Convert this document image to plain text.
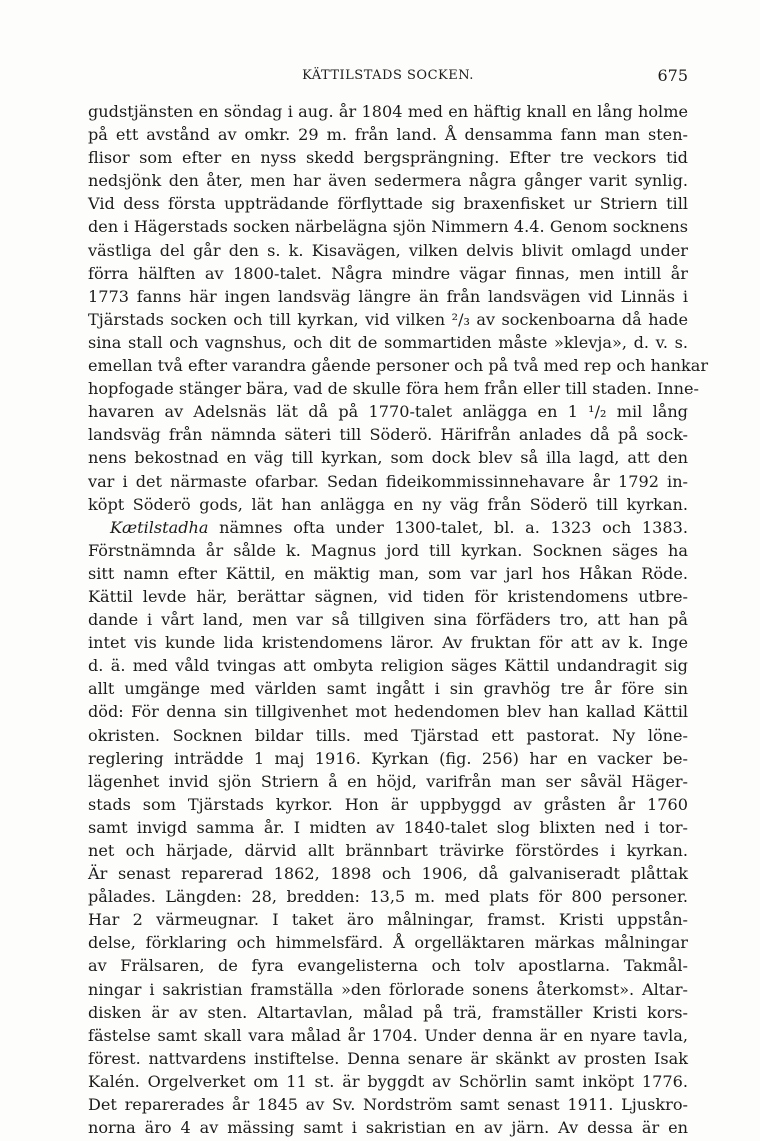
KÄTTILSTADS SOCKEN.	675
gudstjänsten en söndag i aug. år 1804 med en häftig knall en lång holme
på ett avstånd av omkr. 29 m. från land. Å densamma fann man sten-
flisor som efter en nyss skedd bergsprängning. Efter tre veckors tid
nedsjönk den åter, men har även sedermera några gånger varit synlig.
Vid dess första uppträdande förflyttade sig braxenfisket ur Striern till
den i Hägerstads socken närbelägna sjön Nimmern 4.4. Genom socknens
västliga del går den s. k. Kisavägen, vilken delvis blivit omlagd under
förra hälften av 1800-talet. Några mindre vägar finnas, men intill år
1773 fanns här ingen landsväg längre än från landsvägen vid Linnäs i
Tjärstads socken och till kyrkan, vid vilken ²/₃ av sockenboarna då hade
sina stall och vagnshus, och dit de sommartiden måste »klevja», d. v. s.
emellan två efter varandra gående personer och på två med rep och hankar
hopfogade stänger bära, vad de skulle föra hem från eller till staden. Inne-
havaren av Adelsnäs lät då på 1770-talet anlägga en 1 ¹/₂ mil lång
landsväg från nämnda säteri till Söderö. Härifrån anlades då på sock-
nens bekostnad en väg till kyrkan, som dock blev så illa lagd, att den
var i det närmaste ofarbar. Sedan fideikommissinnehavare år 1792 in-
köpt Söderö gods, lät han anlägga en ny väg från Söderö till kyrkan.
Kætilstadha nämnes ofta under 1300-talet, bl. a. 1323 och 1383.
Förstnämnda år sålde k. Magnus jord till kyrkan. Socknen säges ha
sitt namn efter Kättil, en mäktig man, som var jarl hos Håkan Röde.
Kättil levde här, berättar sägnen, vid tiden för kristendomens utbre-
dande i vårt land, men var så tillgiven sina förfäders tro, att han på
intet vis kunde lida kristendomens läror. Av fruktan för att av k. Inge
d. ä. med våld tvingas att ombyta religion säges Kättil undandragit sig
allt umgänge med världen samt ingått i sin gravhög tre år före sin
död: För denna sin tillgivenhet mot hedendomen blev han kallad Kättil
okristen. Socknen bildar tills. med Tjärstad ett pastorat. Ny löne-
reglering inträdde 1 maj 1916. Kyrkan (fig. 256) har en vacker be-
lägenhet invid sjön Striern å en höjd, varifrån man ser såväl Häger-
stads som Tjärstads kyrkor. Hon är uppbyggd av gråsten år 1760
samt invigd samma år. I midten av 1840-talet slog blixten ned i tor-
net och härjade, därvid allt brännbart trävirke förstördes i kyrkan.
Är senast reparerad 1862, 1898 och 1906, då galvaniseradt plåttak
pålades. Längden: 28, bredden: 13,5 m. med plats för 800 personer.
Har 2 värmeugnar. I taket äro målningar, framst. Kristi uppstån-
delse, förklaring och himmelsfärd. Å orgelläktaren märkas målningar
av Frälsaren, de fyra evangelisterna och tolv apostlarna. Takmål-
ningar i sakristian framställa »den förlorade sonens återkomst». Altar-
disken är av sten. Altartavlan, målad på trä, framställer Kristi kors-
fästelse samt skall vara målad år 1704. Under denna är en nyare tavla,
förest. nattvardens instiftelse. Denna senare är skänkt av prosten Isak
Kalén. Orgelverket om 11 st. är byggdt av Schörlin samt inköpt 1776.
Det reparerades år 1845 av Sv. Nordström samt senast 1911. Ljuskro-
norna äro 4 av mässing samt i sakristian en av järn. Av dessa är en
